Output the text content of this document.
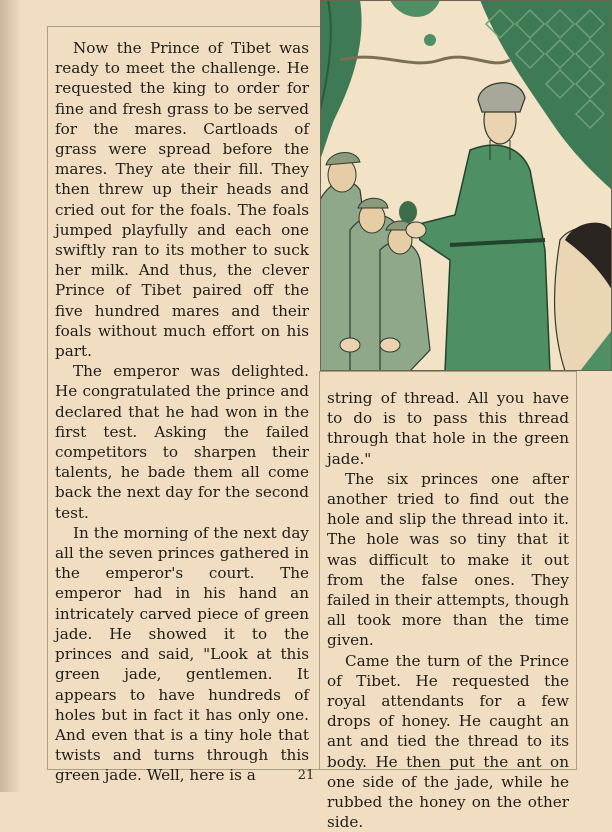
Now the Prince of Tibet was ready to meet the challenge. He requested the king to order for fine and fresh grass to be served for the mares. Cartloads of grass were spread before the mares. They ate their fill. They then threw up their heads and cried out for the foals. The foals jumped playfully and each one swiftly ran to its mother to suck her milk. And thus, the clever Prince of Tibet paired off the five hundred mares and their foals without much effort on his part.

The emperor was delighted. He congratulated the prince and declared that he had won in the first test. Asking the failed competitors to sharpen their talents, he bade them all come back the next day for the second test.

In the morning of the next day all the seven princes gathered in the emperor's court. The emperor had in his hand an intricately carved piece of green jade. He showed it to the princes and said, "Look at this green jade, gentlemen. It appears to have hundreds of holes but in fact it has only one. And even that is a tiny hole that twists and turns through this green jade. Well, here is a

string of thread. All you have to do is to pass this thread through that hole in the green jade."

The six princes one after another tried to find out the hole and slip the thread into it. The hole was so tiny that it was difficult to make it out from the false ones. They failed in their attempts, though all took more than the time given.

Came the turn of the Prince of Tibet. He requested the royal attendants for a few drops of honey. He caught an ant and tied the thread to its body. He then put the ant on one side of the jade, while he rubbed the honey on the other side.

21
